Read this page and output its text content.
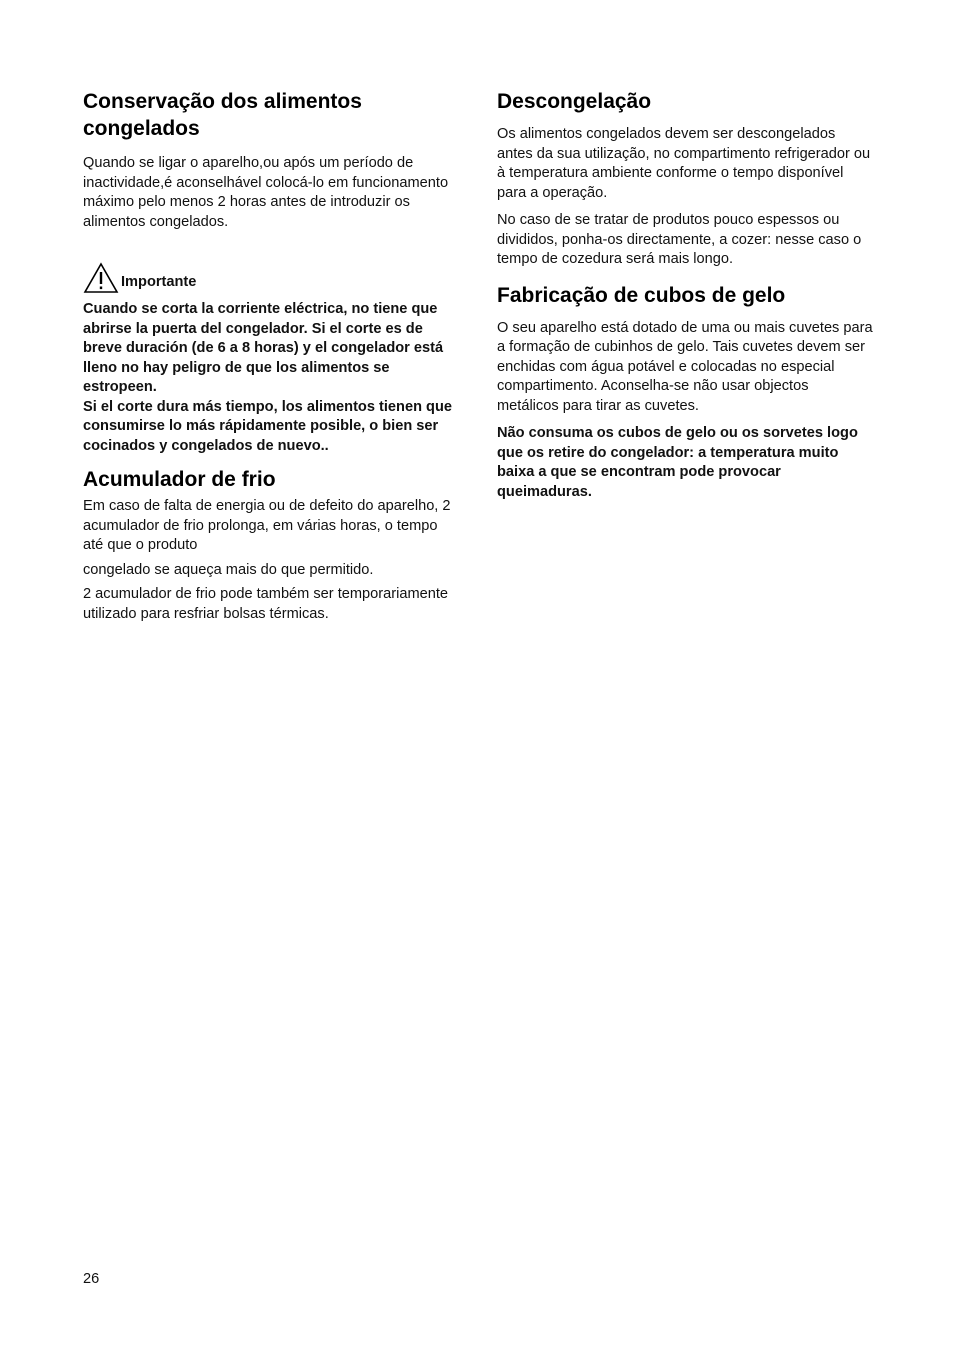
Conservação dos alimentos congelados

Quando se ligar o aparelho,ou após um período de inactividade,é aconselhável colocá-lo em funcionamento máximo pelo menos 2 horas antes de introduzir os alimentos congelados.

Importante

Cuando se corta la corriente eléctrica, no tiene que abrirse la puerta del congelador. Si el corte es de breve duración (de 6 a 8 horas) y el congelador está lleno no hay peligro de que los alimentos se estropeen.

Si el corte dura más tiempo, los alimentos tienen que consumirse lo más rápidamente posible, o bien ser cocinados y congelados de nuevo..

Acumulador de frio

Em caso de falta de energia ou de defeito do aparelho, 2 acumulador de frio prolonga, em várias horas, o tempo até que o produto

congelado se aqueça mais do que permitido.

2 acumulador de frio pode também ser temporariamente utilizado para resfriar bolsas térmicas.

Descongelação

Os alimentos congelados devem ser descongelados antes da sua utilização, no compartimento refrigerador ou à temperatura ambiente conforme o tempo disponível para a operação.

No caso de se tratar de produtos pouco espessos ou divididos, ponha-os directamente, a cozer: nesse caso o tempo de cozedura será mais longo.

Fabricação de cubos de gelo

O seu aparelho está dotado de uma ou mais cuvetes para a formação de cubinhos de gelo. Tais cuvetes devem ser enchidas com água potável e colocadas no especial compartimento. Aconselha-se não usar objectos metálicos para tirar as cuvetes.

Não consuma os cubos de gelo ou os sorvetes logo que os retire do congelador: a temperatura muito baixa a que se encontram pode provocar queimaduras.

26
